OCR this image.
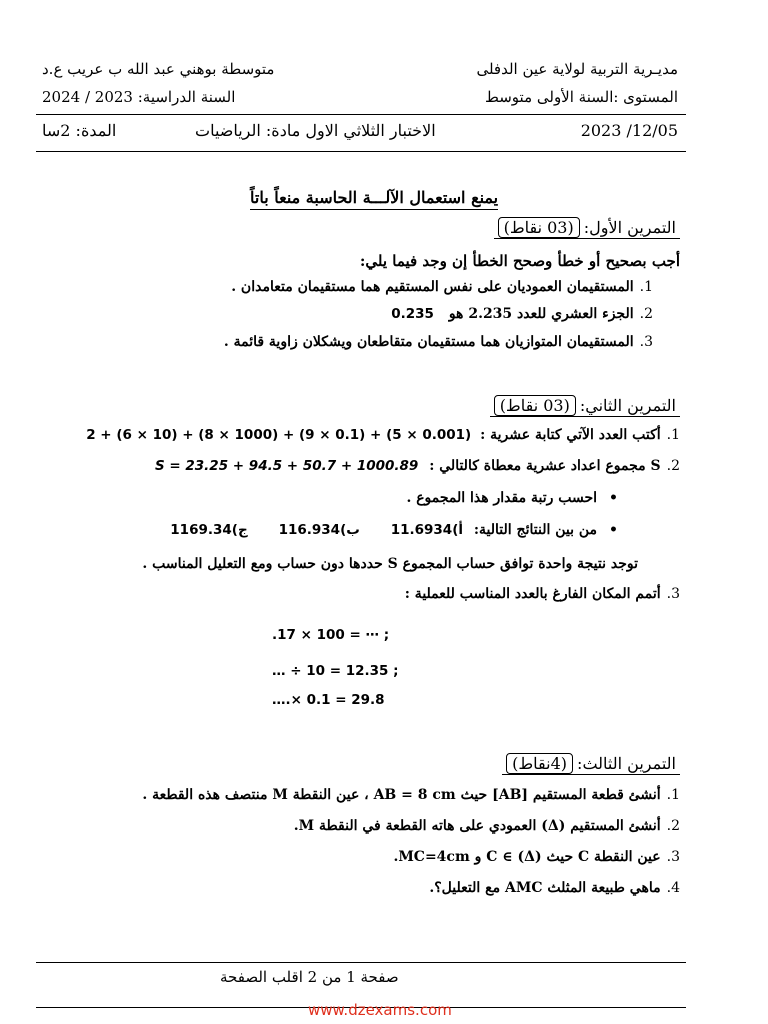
مديـرية التربية لولاية عين الدفلى
متوسطة بوهني عبد الله ب عريب ع.د
المستوى :السنة الأولى متوسط
السنة الدراسية: 2023 / 2024
2023 /12/05
الاختبار الثلاثي الاول مادة: الرياضيات
المدة: 2سا
يمنع استعمال الآلـــة الحاسبة منعاً باتاً
التمرين الأول:(03 نقاط)
أجب بصحيح أو خطأ وصحح الخطأ إن وجد فيما يلي:
1.المستقيمان العموديان على نفس المستقيم هما مستقيمان متعامدان .
2.الجزء العشري للعدد 2.235 هو 0.235
3.المستقيمان المتوازيان هما مستقيمان متقاطعان ويشكلان زاوية قائمة .
التمرين الثاني:(03 نقاط)
1.أكتب العدد الآتي كتابة عشرية : 2 + (6 × 10) + (8 × 1000) + (9 × 0.1) + (5 × 0.001)
2.S مجموع اعداد عشرية معطاة كالتالي : S = 23.25 + 94.5 + 50.7 + 1000.89
•احسب رتبة مقدار هذا المجموع .
•من بين النتائج التالية: أ)11.6934 ب)116.934 ج)1169.34
توجد نتيجة واحدة توافق حساب المجموع S حددها دون حساب ومع التعليل المناسب .
3.أتمم المكان الفارغ بالعدد المناسب للعملية :
.17 × 100 = ⋯ ;
… ÷ 10 = 12.35 ;
….× 0.1 = 29.8
التمرين الثالث:(4نقاط)
1.أنشئ قطعة المستقيم [AB] حيث AB = 8 cm ، عين النقطة M منتصف هذه القطعة .
2.أنشئ المستقيم (Δ) العمودي على هاته القطعة في النقطة M.
3.عين النقطة C حيث C ∈ (Δ) و MC=4cm.
4.ماهي طبيعة المثلث AMC مع التعليل؟.
صفحة 1 من 2 اقلب الصفحة
www.dzexams.com
